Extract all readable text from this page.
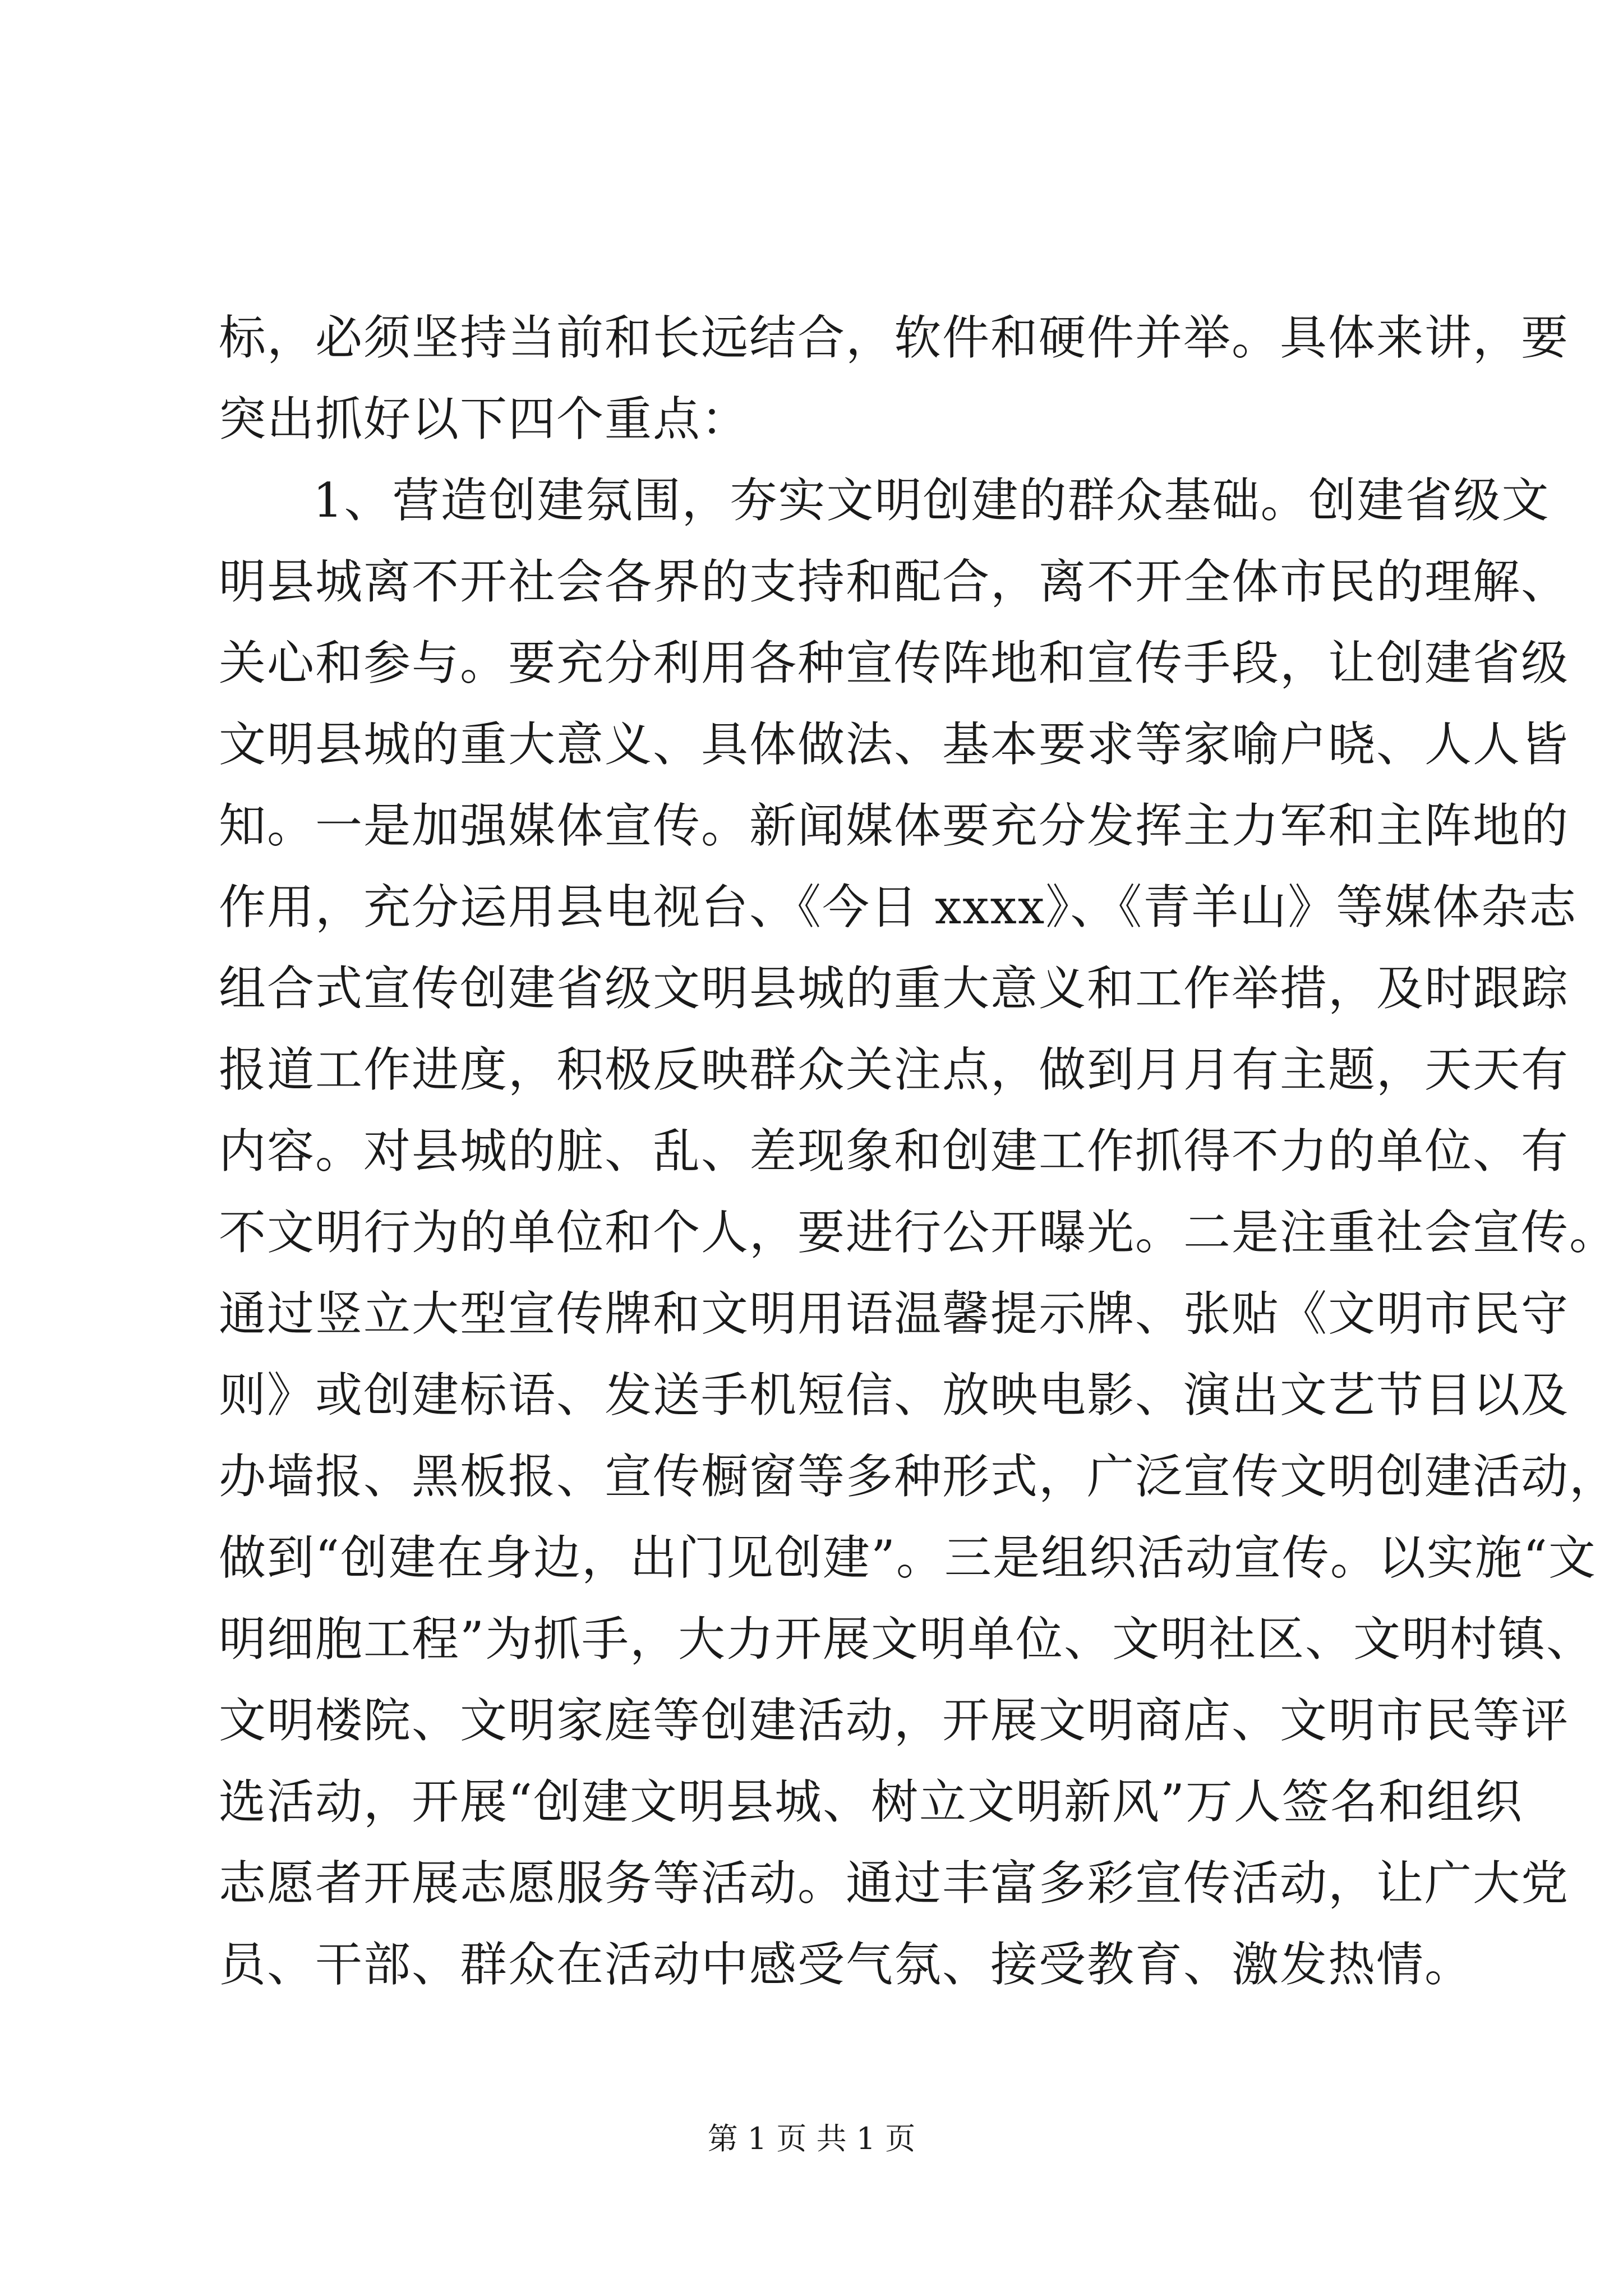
标，必须坚持当前和长远结合，软件和硬件并举。具体来讲，要
突出抓好以下四个重点：
1、营造创建氛围，夯实文明创建的群众基础。创建省级文
明县城离不开社会各界的支持和配合，离不开全体市民的理解、
关心和参与。要充分利用各种宣传阵地和宣传手段，让创建省级
文明县城的重大意义、具体做法、基本要求等家喻户晓、人人皆
知。一是加强媒体宣传。新闻媒体要充分发挥主力军和主阵地的
作用，充分运用县电视台、《今日 xxxx》、《青羊山》等媒体杂志
组合式宣传创建省级文明县城的重大意义和工作举措，及时跟踪
报道工作进度，积极反映群众关注点，做到月月有主题，天天有
内容。对县城的脏、乱、差现象和创建工作抓得不力的单位、有
不文明行为的单位和个人，要进行公开曝光。二是注重社会宣传。
通过竖立大型宣传牌和文明用语温馨提示牌、张贴《文明市民守
则》或创建标语、发送手机短信、放映电影、演出文艺节目以及
办墙报、黑板报、宣传橱窗等多种形式，广泛宣传文明创建活动，
做到“创建在身边，出门见创建”。三是组织活动宣传。以实施“文
明细胞工程”为抓手，大力开展文明单位、文明社区、文明村镇、
文明楼院、文明家庭等创建活动，开展文明商店、文明市民等评
选活动，开展“创建文明县城、树立文明新风”万人签名和组织
志愿者开展志愿服务等活动。通过丰富多彩宣传活动，让广大党
员、干部、群众在活动中感受气氛、接受教育、激发热情。
第 1 页 共 1 页
